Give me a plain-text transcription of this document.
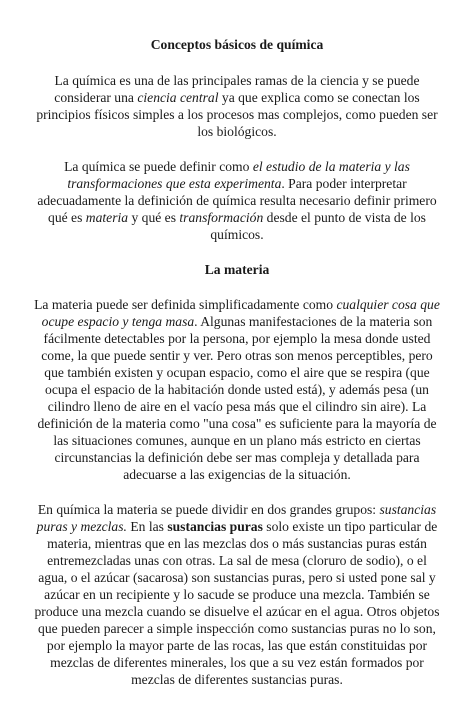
Conceptos básicos de química
La química es una de las principales ramas de la ciencia y se puede
considerar una ciencia central ya que explica como se conectan los
principios físicos simples a los procesos mas complejos, como pueden ser
los biológicos.
La química se puede definir como el estudio de la materia y las
transformaciones que esta experimenta. Para poder interpretar
adecuadamente la definición de química resulta necesario definir primero
qué es materia y qué es transformación desde el punto de vista de los
químicos.
La materia
La materia puede ser definida simplificadamente como cualquier cosa que
ocupe espacio y tenga masa. Algunas manifestaciones de la materia son
fácilmente detectables por la persona, por ejemplo la mesa donde usted
come, la que puede sentir y ver. Pero otras son menos perceptibles, pero
que también existen y ocupan espacio, como el aire que se respira (que
ocupa el espacio de la habitación donde usted está), y además pesa (un
cilindro lleno de aire en el vacío pesa más que el cilindro sin aire). La
definición de la materia como "una cosa" es suficiente para la mayoría de
las situaciones comunes, aunque en un plano más estricto en ciertas
circunstancias la definición debe ser mas compleja y detallada para
adecuarse a las exigencias de la situación.
En química la materia se puede dividir en dos grandes grupos: sustancias
puras y mezclas. En las sustancias puras solo existe un tipo particular de
materia, mientras que en las mezclas dos o más sustancias puras están
entremezcladas unas con otras. La sal de mesa (cloruro de sodio), o el
agua, o el azúcar (sacarosa) son sustancias puras, pero si usted pone sal y
azúcar en un recipiente y lo sacude se produce una mezcla. También se
produce una mezcla cuando se disuelve el azúcar en el agua. Otros objetos
que pueden parecer a simple inspección como sustancias puras no lo son,
por ejemplo la mayor parte de las rocas, las que están constituidas por
mezclas de diferentes minerales, los que a su vez están formados por
mezclas de diferentes sustancias puras.
